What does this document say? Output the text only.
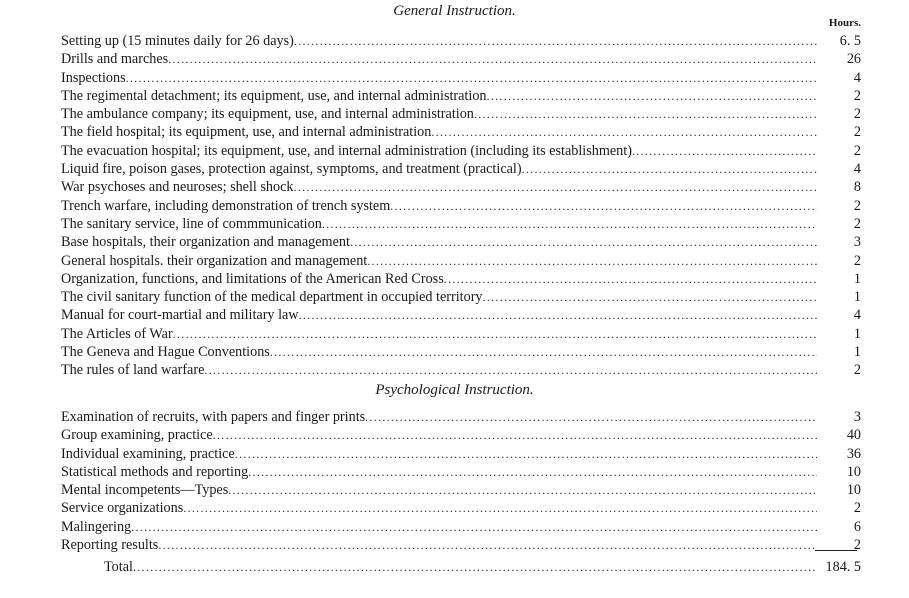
General Instruction.
Hours.
Setting up (15 minutes daily for 26 days) .....	6. 5
Drills and marches .....	26
Inspections .....	4
The regimental detachment; its equipment, use, and internal administration .....	2
The ambulance company; its equipment, use, and internal administration .....	2
The field hospital; its equipment, use, and internal administration .....	2
The evacuation hospital; its equipment, use, and internal administration (including its establishment) .....	2
Liquid fire, poison gases, protection against, symptoms, and treatment (practical) .....	4
War psychoses and neuroses; shell shock .....	8
Trench warfare, including demonstration of trench system .....	2
The sanitary service, line of commmunication .....	2
Base hospitals, their organization and management .....	3
General hospitals. their organization and management .....	2
Organization, functions, and limitations of the American Red Cross .....	1
The civil sanitary function of the medical department in occupied territory .....	1
Manual for court-martial and military law .....	4
The Articles of War .....	1
The Geneva and Hague Conventions .....	1
The rules of land warfare .....	2
Psychological Instruction.
Examination of recruits, with papers and finger prints .....	3
Group examining, practice .....	40
Individual examining, practice .....	36
Statistical methods and reporting .....	10
Mental incompetents—Types .....	10
Service organizations .....	2
Malingering .....	6
Reporting results .....	2
Total .....	184. 5
